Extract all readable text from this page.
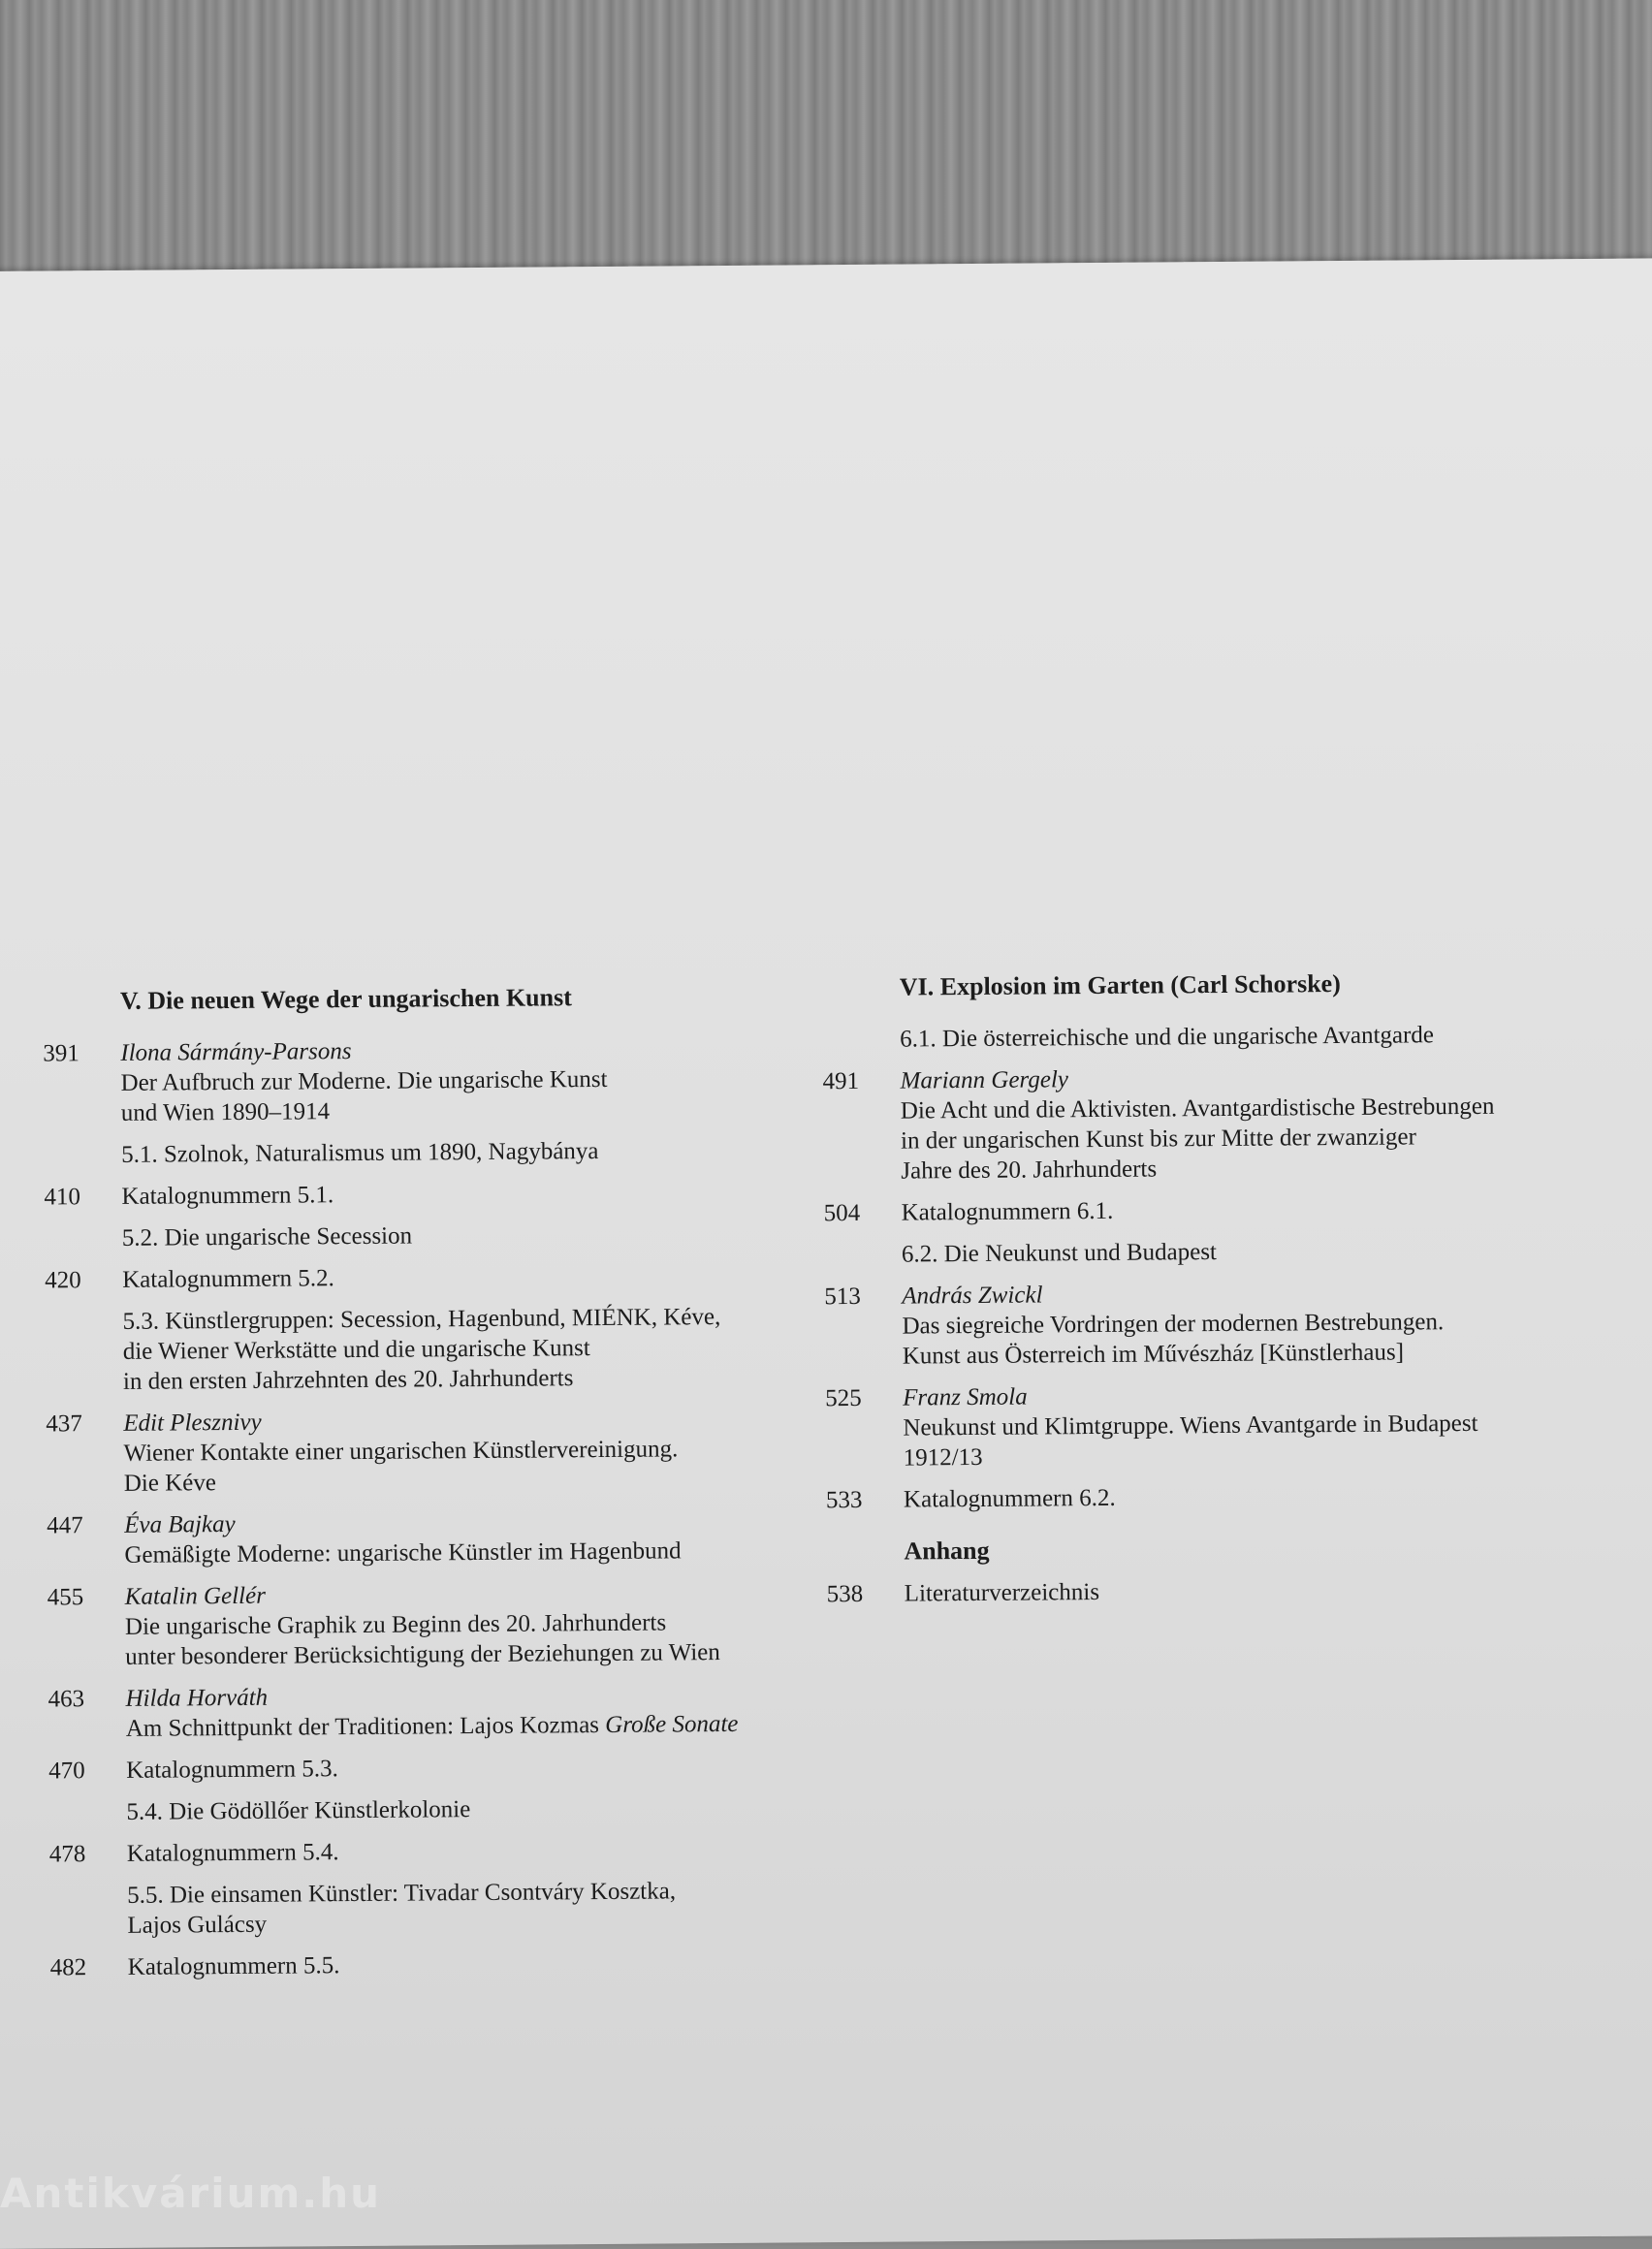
V. Die neuen Wege der ungarischen Kunst
391	Ilona Sármány-Parsons
Der Aufbruch zur Moderne. Die ungarische Kunst
und Wien 1890–1914
5.1. Szolnok, Naturalismus um 1890, Nagybánya
410	Katalognummern 5.1.
5.2. Die ungarische Secession
420	Katalognummern 5.2.
5.3. Künstlergruppen: Secession, Hagenbund, MIÉNK, Kéve,
die Wiener Werkstätte und die ungarische Kunst
in den ersten Jahrzehnten des 20. Jahrhunderts
437	Edit Plesznivy
Wiener Kontakte einer ungarischen Künstlervereinigung.
Die Kéve
447	Éva Bajkay
Gemäßigte Moderne: ungarische Künstler im Hagenbund
455	Katalin Gellér
Die ungarische Graphik zu Beginn des 20. Jahrhunderts
unter besonderer Berücksichtigung der Beziehungen zu Wien
463	Hilda Horváth
Am Schnittpunkt der Traditionen: Lajos Kozmas Große Sonate
470	Katalognummern 5.3.
5.4. Die Gödöllőer Künstlerkolonie
478	Katalognummern 5.4.
5.5. Die einsamen Künstler: Tivadar Csontváry Kosztka,
Lajos Gulácsy
482	Katalognummern 5.5.
VI. Explosion im Garten (Carl Schorske)
6.1. Die österreichische und die ungarische Avantgarde
491	Mariann Gergely
Die Acht und die Aktivisten. Avantgardistische Bestrebungen
in der ungarischen Kunst bis zur Mitte der zwanziger
Jahre des 20. Jahrhunderts
504	Katalognummern 6.1.
6.2. Die Neukunst und Budapest
513	András Zwickl
Das siegreiche Vordringen der modernen Bestrebungen.
Kunst aus Österreich im Művészház [Künstlerhaus]
525	Franz Smola
Neukunst und Klimtgruppe. Wiens Avantgarde in Budapest
1912/13
533	Katalognummern 6.2.
Anhang
538	Literaturverzeichnis
Antikvárium.hu
